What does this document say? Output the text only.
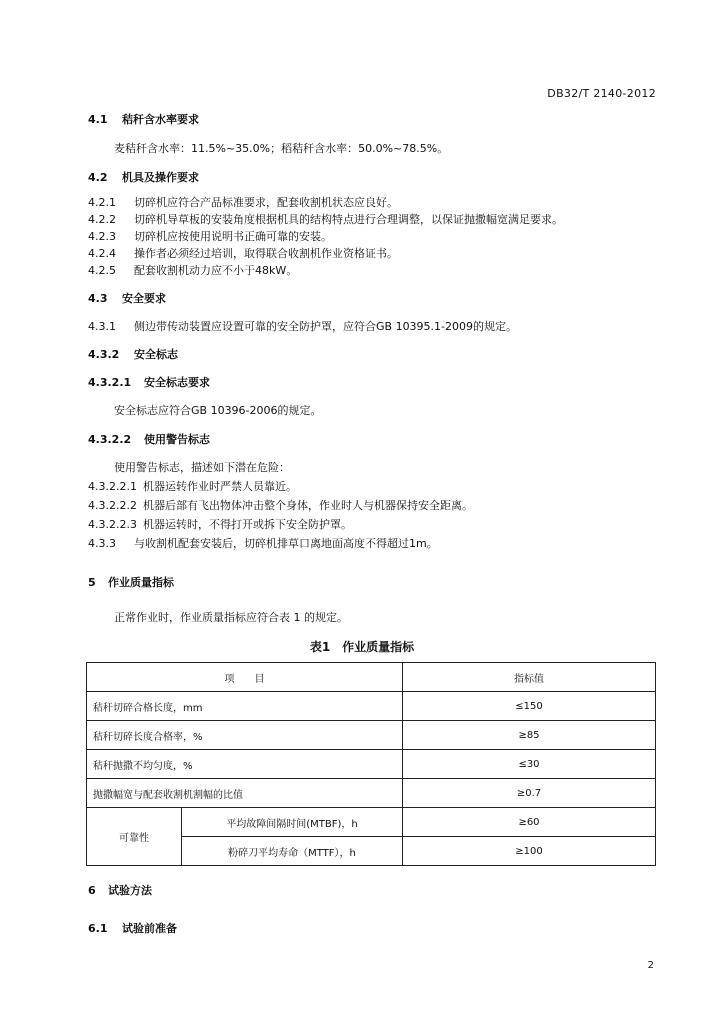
DB32/T 2140-2012
4.1 秸秆含水率要求
麦秸秆含水率：11.5%~35.0%；稻秸秆含水率：50.0%~78.5%。
4.2 机具及操作要求
4.2.1 切碎机应符合产品标准要求，配套收割机状态应良好。
4.2.2 切碎机导草板的安装角度根据机具的结构特点进行合理调整，以保证抛撒幅宽满足要求。
4.2.3 切碎机应按使用说明书正确可靠的安装。
4.2.4 操作者必须经过培训，取得联合收割机作业资格证书。
4.2.5 配套收割机动力应不小于48kW。
4.3 安全要求
4.3.1 侧边带传动装置应设置可靠的安全防护罩，应符合GB 10395.1-2009的规定。
4.3.2 安全标志
4.3.2.1 安全标志要求
安全标志应符合GB 10396-2006的规定。
4.3.2.2 使用警告标志
使用警告标志，描述如下潜在危险：
4.3.2.2.1 机器运转作业时严禁人员靠近。
4.3.2.2.2 机器后部有飞出物体冲击整个身体，作业时人与机器保持安全距离。
4.3.2.2.3 机器运转时，不得打开或拆下安全防护罩。
4.3.3 与收割机配套安装后，切碎机排草口离地面高度不得超过1m。
5 作业质量指标
正常作业时，作业质量指标应符合表 1 的规定。
表1　作业质量指标
项　　目		指标值
秸秆切碎合格长度，mm		≤150
秸秆切碎长度合格率，%		≥85
秸秆抛撒不均匀度，%		≤30
抛撒幅宽与配套收割机割幅的比值		≥0.7
可靠性	平均故障间隔时间(MTBF)，h	≥60
	粉碎刀平均寿命（MTTF），h	≥100
6 试验方法
6.1 试验前准备
2
